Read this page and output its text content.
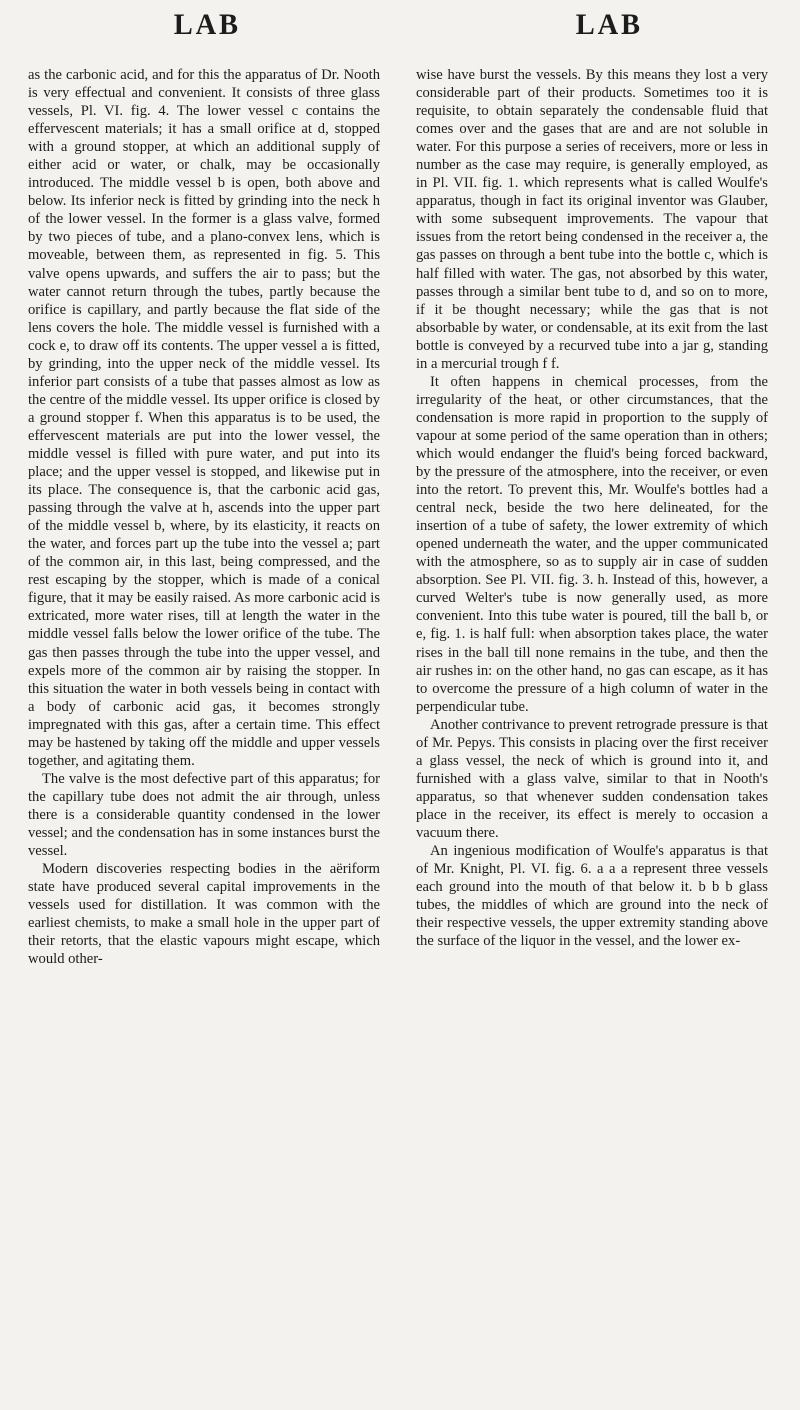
LAB	LAB

as the carbonic acid, and for this the apparatus of Dr. Nooth is very effectual and convenient. It consists of three glass vessels, Pl. VI. fig. 4. The lower vessel c contains the effervescent materials; it has a small orifice at d, stopped with a ground stopper, at which an additional supply of either acid or water, or chalk, may be occasionally introduced. The middle vessel b is open, both above and below. Its inferior neck is fitted by grinding into the neck h of the lower vessel. In the former is a glass valve, formed by two pieces of tube, and a plano-convex lens, which is moveable, between them, as represented in fig. 5. This valve opens upwards, and suffers the air to pass; but the water cannot return through the tubes, partly because the orifice is capillary, and partly because the flat side of the lens covers the hole. The middle vessel is furnished with a cock e, to draw off its contents. The upper vessel a is fitted, by grinding, into the upper neck of the middle vessel. Its inferior part consists of a tube that passes almost as low as the centre of the middle vessel. Its upper orifice is closed by a ground stopper f. When this apparatus is to be used, the effervescent materials are put into the lower vessel, the middle vessel is filled with pure water, and put into its place; and the upper vessel is stopped, and likewise put in its place. The consequence is, that the carbonic acid gas, passing through the valve at h, ascends into the upper part of the middle vessel b, where, by its elasticity, it reacts on the water, and forces part up the tube into the vessel a; part of the common air, in this last, being compressed, and the rest escaping by the stopper, which is made of a conical figure, that it may be easily raised. As more carbonic acid is extricated, more water rises, till at length the water in the middle vessel falls below the lower orifice of the tube. The gas then passes through the tube into the upper vessel, and expels more of the common air by raising the stopper. In this situation the water in both vessels being in contact with a body of carbonic acid gas, it becomes strongly impregnated with this gas, after a certain time. This effect may be hastened by taking off the middle and upper vessels together, and agitating them.

The valve is the most defective part of this apparatus; for the capillary tube does not admit the air through, unless there is a considerable quantity condensed in the lower vessel; and the condensation has in some instances burst the vessel.

Modern discoveries respecting bodies in the aëriform state have produced several capital improvements in the vessels used for distillation. It was common with the earliest chemists, to make a small hole in the upper part of their retorts, that the elastic vapours might escape, which would other-

wise have burst the vessels. By this means they lost a very considerable part of their products. Sometimes too it is requisite, to obtain separately the condensable fluid that comes over and the gases that are and are not soluble in water. For this purpose a series of receivers, more or less in number as the case may require, is generally employed, as in Pl. VII. fig. 1. which represents what is called Woulfe's apparatus, though in fact its original inventor was Glauber, with some subsequent improvements. The vapour that issues from the retort being condensed in the receiver a, the gas passes on through a bent tube into the bottle c, which is half filled with water. The gas, not absorbed by this water, passes through a similar bent tube to d, and so on to more, if it be thought necessary; while the gas that is not absorbable by water, or condensable, at its exit from the last bottle is conveyed by a recurved tube into a jar g, standing in a mercurial trough f f.

It often happens in chemical processes, from the irregularity of the heat, or other circumstances, that the condensation is more rapid in proportion to the supply of vapour at some period of the same operation than in others; which would endanger the fluid's being forced backward, by the pressure of the atmosphere, into the receiver, or even into the retort. To prevent this, Mr. Woulfe's bottles had a central neck, beside the two here delineated, for the insertion of a tube of safety, the lower extremity of which opened underneath the water, and the upper communicated with the atmosphere, so as to supply air in case of sudden absorption. See Pl. VII. fig. 3. h. Instead of this, however, a curved Welter's tube is now generally used, as more convenient. Into this tube water is poured, till the ball b, or e, fig. 1. is half full: when absorption takes place, the water rises in the ball till none remains in the tube, and then the air rushes in: on the other hand, no gas can escape, as it has to overcome the pressure of a high column of water in the perpendicular tube.

Another contrivance to prevent retrograde pressure is that of Mr. Pepys. This consists in placing over the first receiver a glass vessel, the neck of which is ground into it, and furnished with a glass valve, similar to that in Nooth's apparatus, so that whenever sudden condensation takes place in the receiver, its effect is merely to occasion a vacuum there.

An ingenious modification of Woulfe's apparatus is that of Mr. Knight, Pl. VI. fig. 6. a a a represent three vessels each ground into the mouth of that below it. b b b glass tubes, the middles of which are ground into the neck of their respective vessels, the upper extremity standing above the surface of the liquor in the vessel, and the lower ex-
